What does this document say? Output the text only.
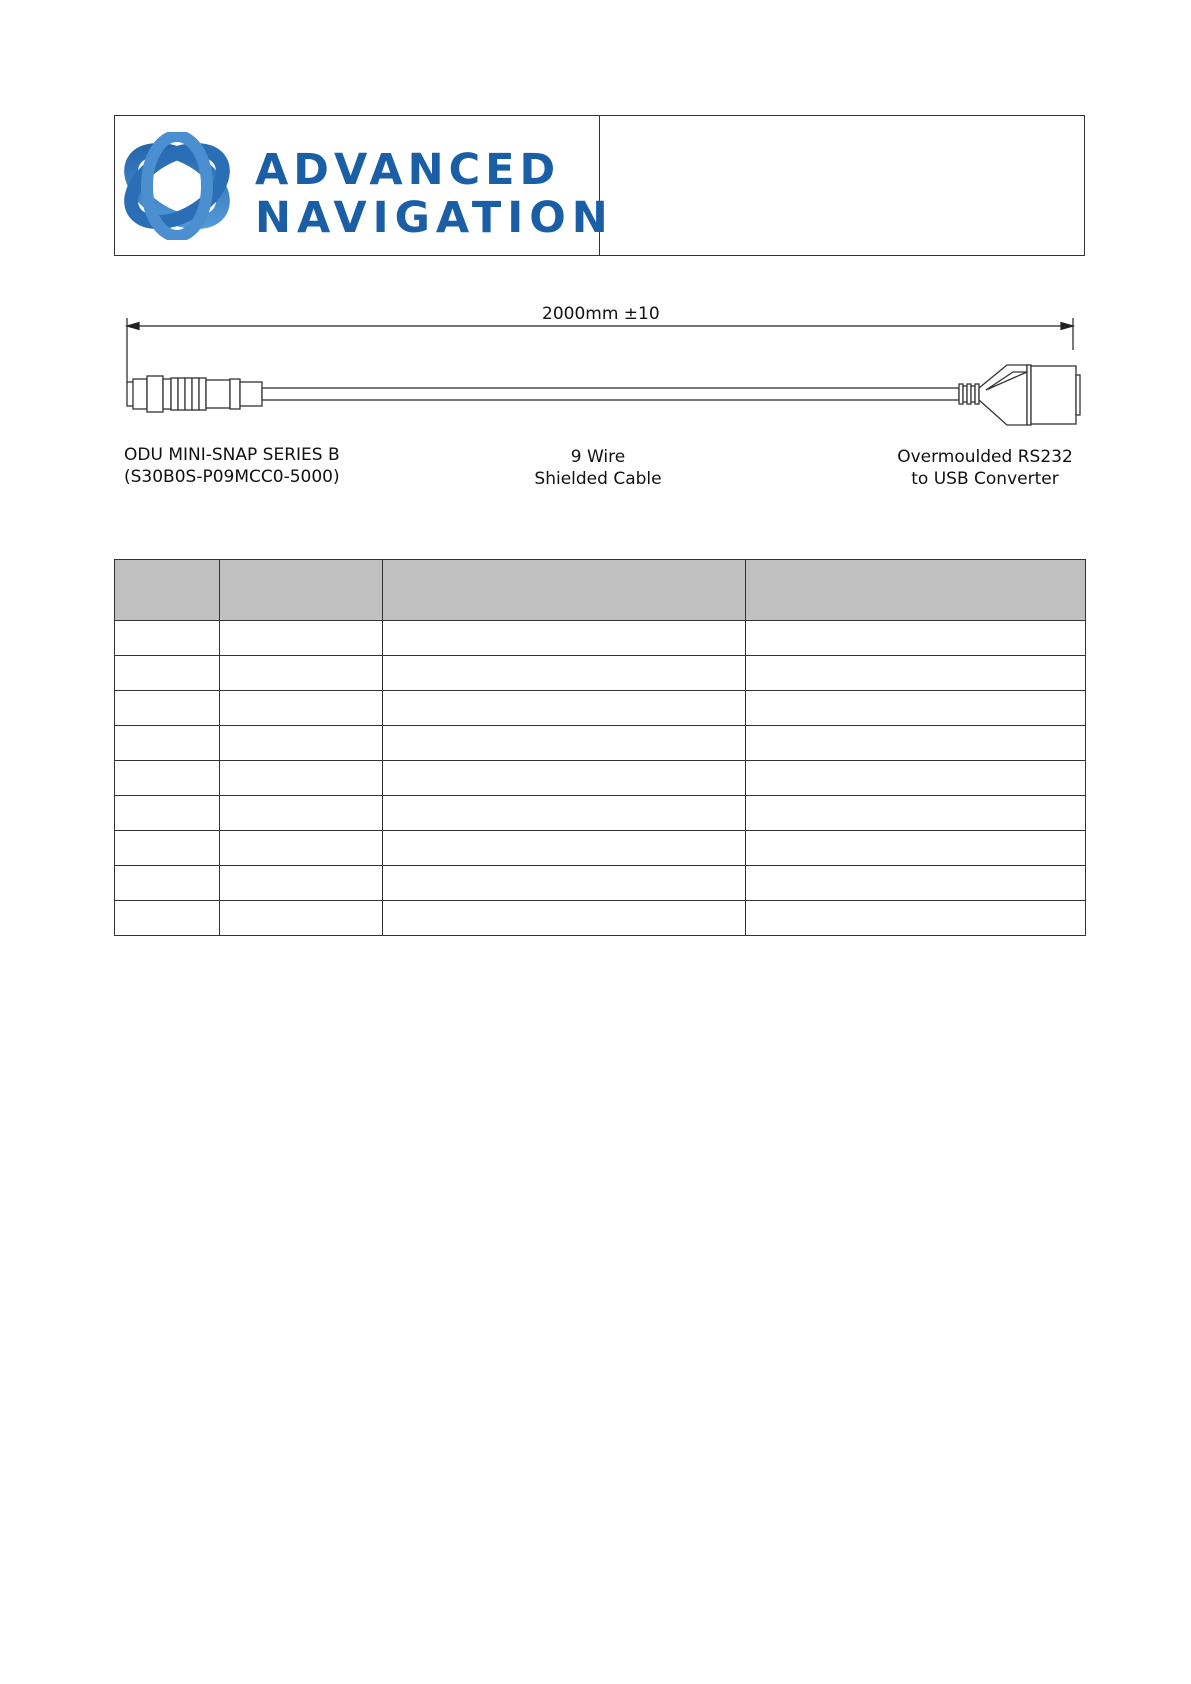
ADVANCED
NAVIGATION
2000mm ±10
ODU MINI-SNAP SERIES B
(S30B0S-P09MCC0-5000)
9 Wire
Shielded Cable
Overmoulded RS232
to USB Converter
